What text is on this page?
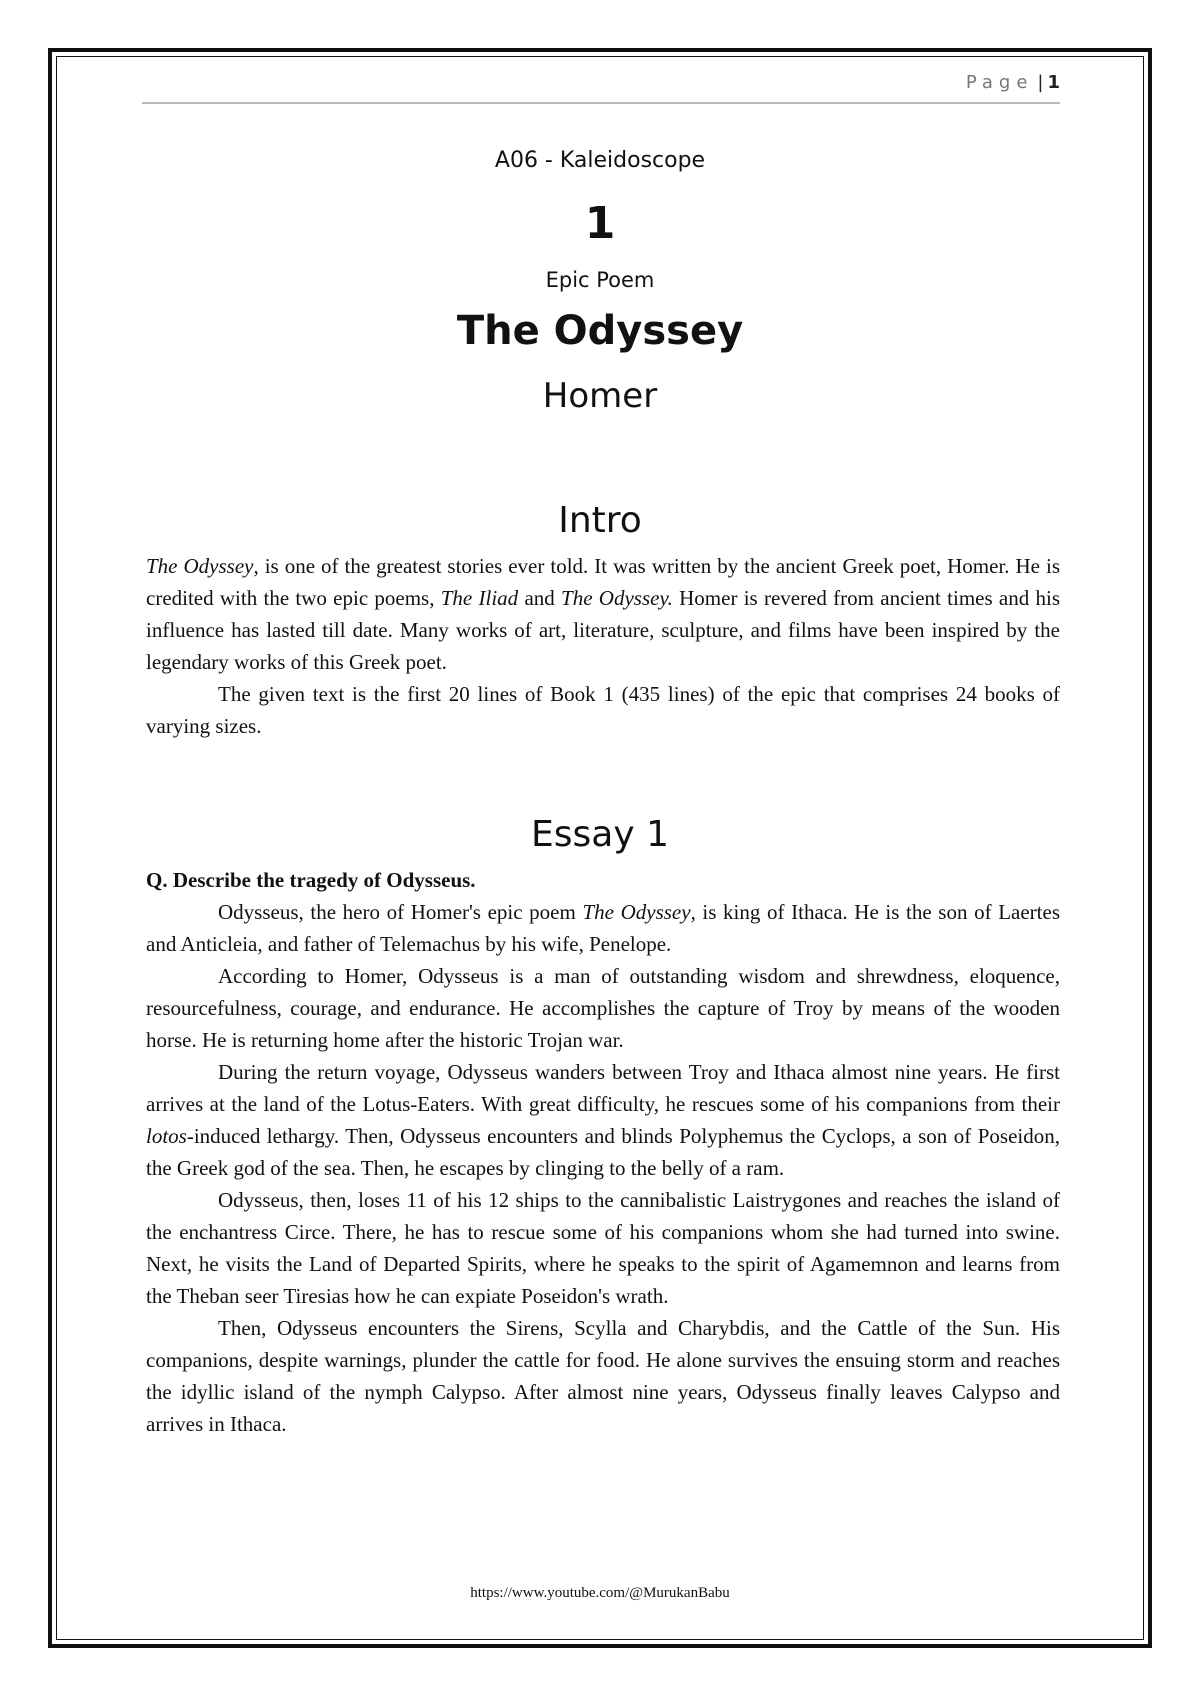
Page | 1
A06 - Kaleidoscope
1
Epic Poem
The Odyssey
Homer
Intro

The Odyssey, is one of the greatest stories ever told. It was written by the ancient Greek poet, Homer. He is credited with the two epic poems, The Iliad and The Odyssey. Homer is revered from ancient times and his influence has lasted till date. Many works of art, literature, sculpture, and films have been inspired by the legendary works of this Greek poet.

The given text is the first 20 lines of Book 1 (435 lines) of the epic that comprises 24 books of varying sizes.

Essay 1

Q. Describe the tragedy of Odysseus.

Odysseus, the hero of Homer's epic poem The Odyssey, is king of Ithaca. He is the son of Laertes and Anticleia, and father of Telemachus by his wife, Penelope.

According to Homer, Odysseus is a man of outstanding wisdom and shrewdness, eloquence, resourcefulness, courage, and endurance. He accomplishes the capture of Troy by means of the wooden horse. He is returning home after the historic Trojan war.

During the return voyage, Odysseus wanders between Troy and Ithaca almost nine years. He first arrives at the land of the Lotus-Eaters. With great difficulty, he rescues some of his companions from their lotos-induced lethargy. Then, Odysseus encounters and blinds Polyphemus the Cyclops, a son of Poseidon, the Greek god of the sea. Then, he escapes by clinging to the belly of a ram.

Odysseus, then, loses 11 of his 12 ships to the cannibalistic Laistrygones and reaches the island of the enchantress Circe. There, he has to rescue some of his companions whom she had turned into swine. Next, he visits the Land of Departed Spirits, where he speaks to the spirit of Agamemnon and learns from the Theban seer Tiresias how he can expiate Poseidon's wrath.

Then, Odysseus encounters the Sirens, Scylla and Charybdis, and the Cattle of the Sun. His companions, despite warnings, plunder the cattle for food. He alone survives the ensuing storm and reaches the idyllic island of the nymph Calypso. After almost nine years, Odysseus finally leaves Calypso and arrives in Ithaca.

https://www.youtube.com/@MurukanBabu
